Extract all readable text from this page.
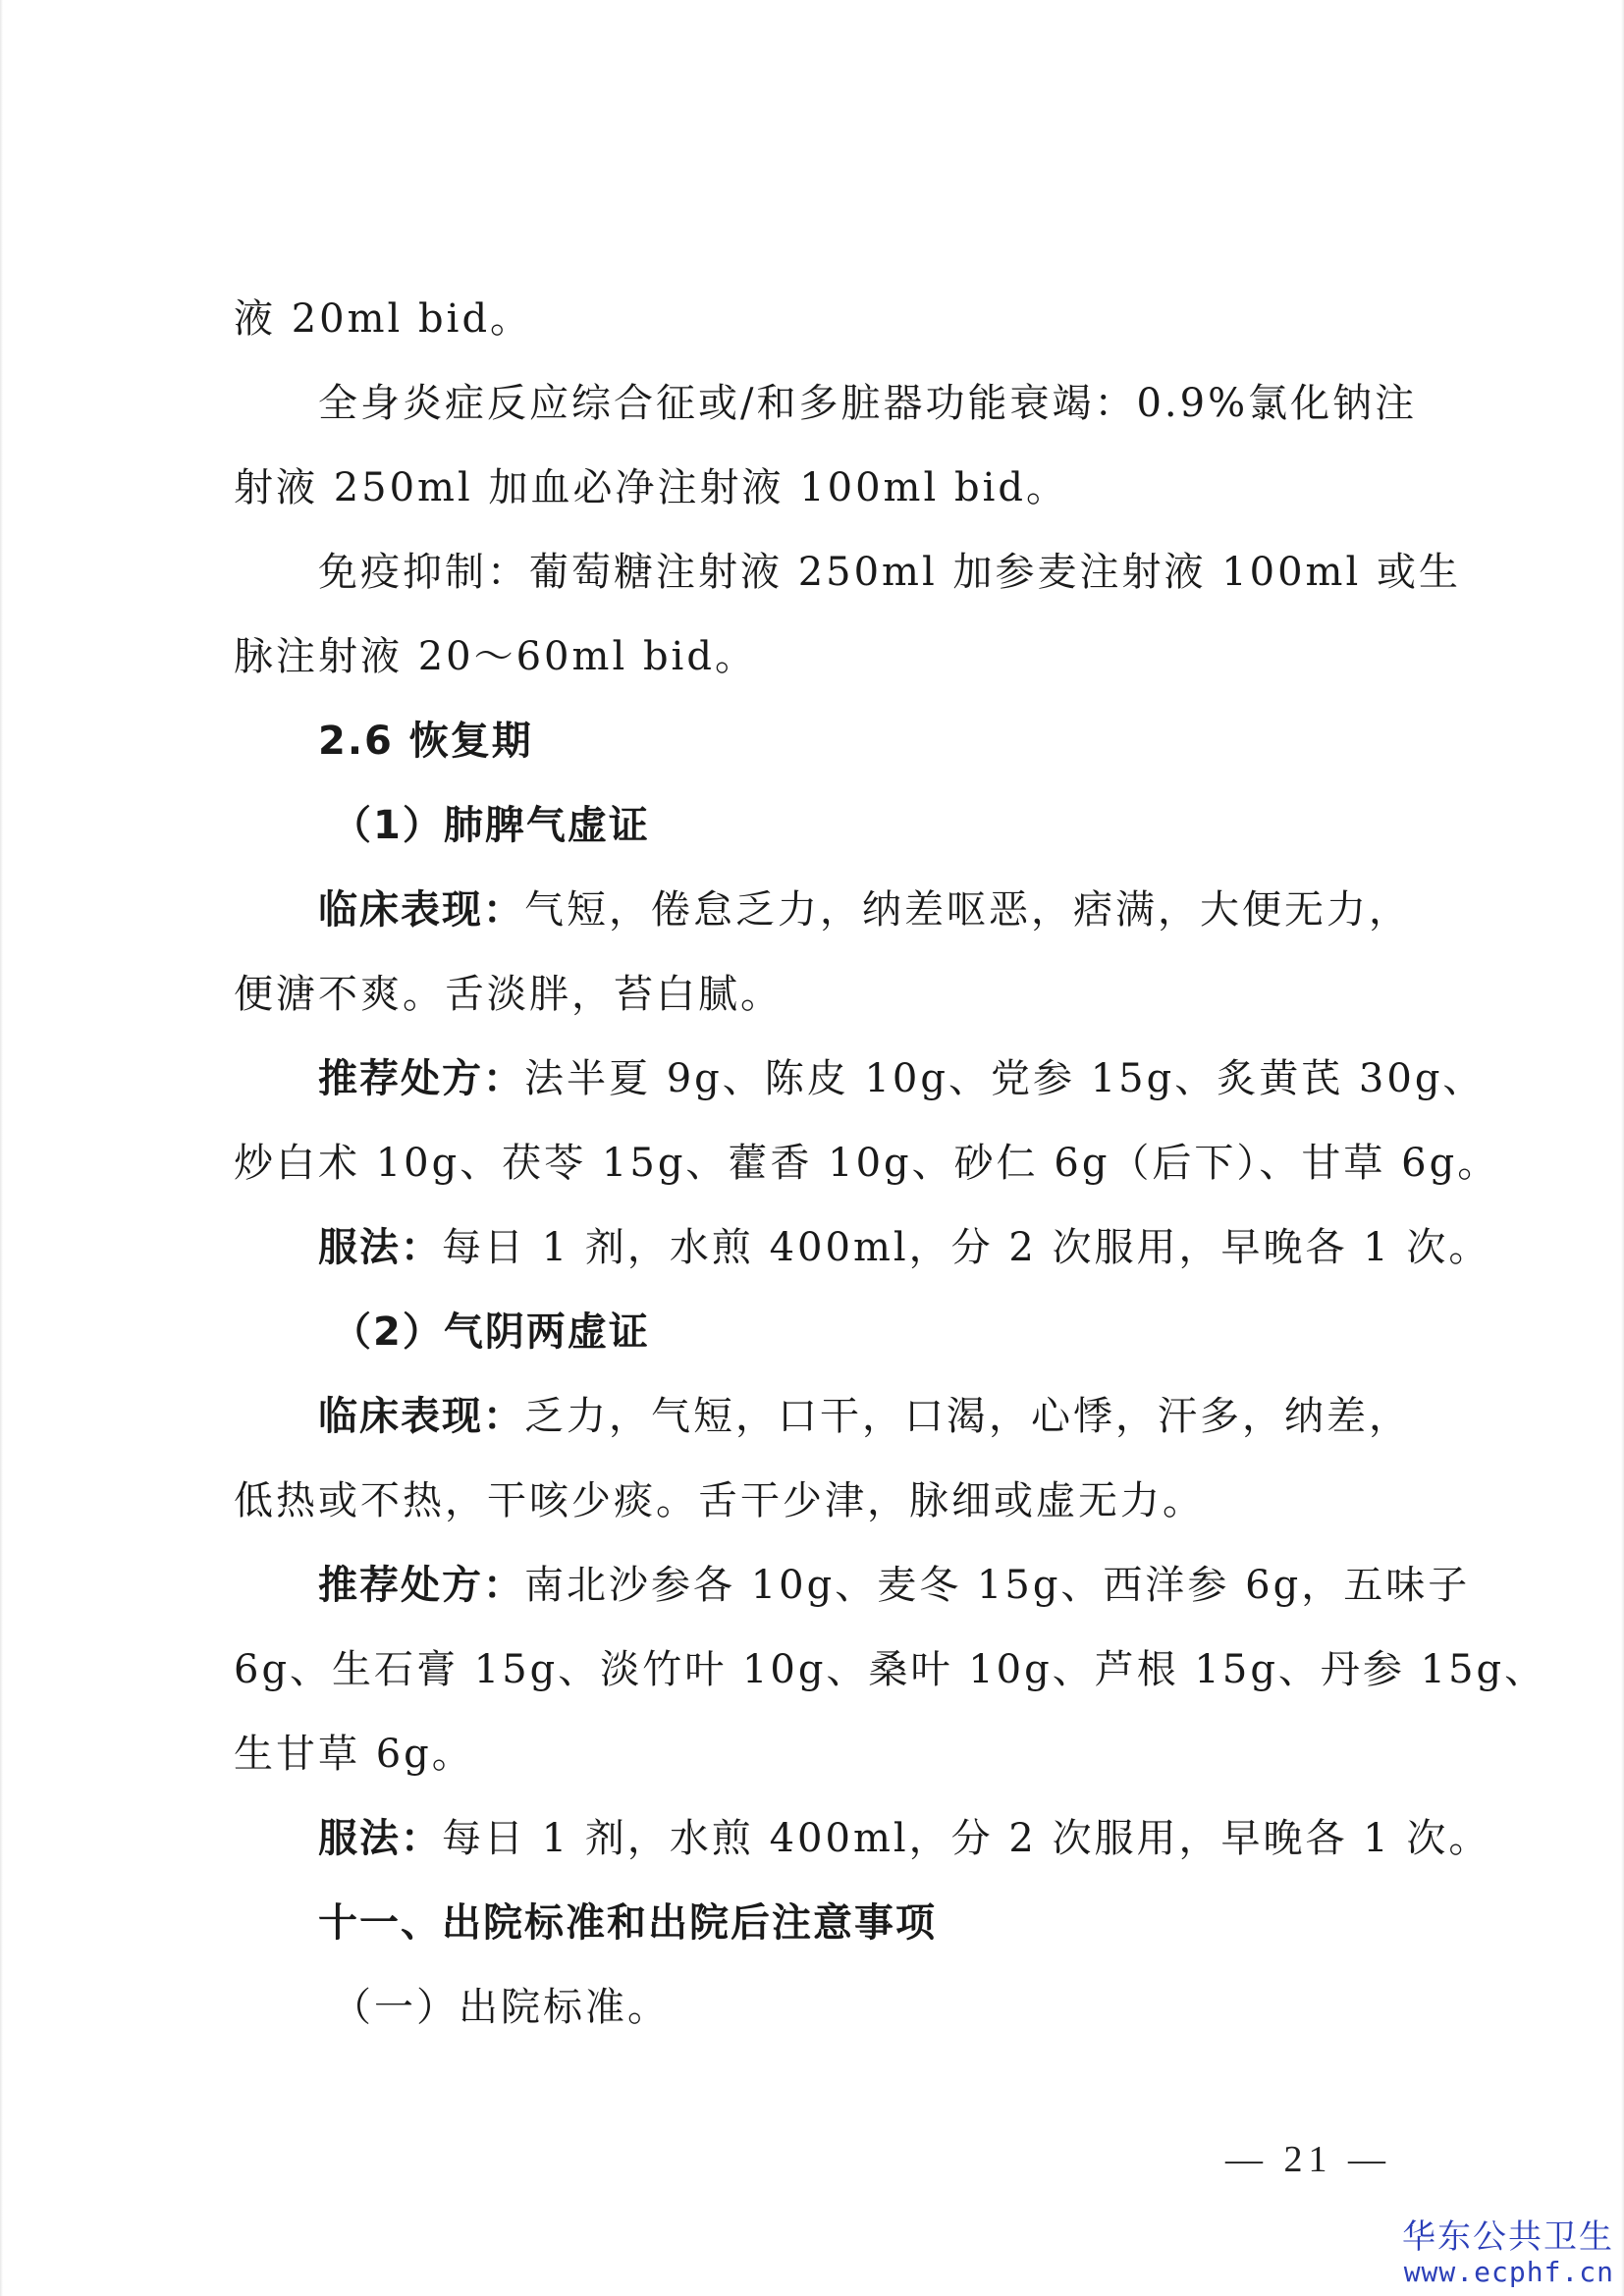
液 20ml bid。
全身炎症反应综合征或/和多脏器功能衰竭：0.9%氯化钠注
射液 250ml 加血必净注射液 100ml bid。
免疫抑制：葡萄糖注射液 250ml 加参麦注射液 100ml 或生
脉注射液 20～60ml bid。
2.6 恢复期
（1）肺脾气虚证
临床表现：气短，倦怠乏力，纳差呕恶，痞满，大便无力，
便溏不爽。舌淡胖，苔白腻。
推荐处方：法半夏 9g、陈皮 10g、党参 15g、炙黄芪 30g、
炒白术 10g、茯苓 15g、藿香 10g、砂仁 6g（后下）、甘草 6g。
服法：每日 1 剂，水煎 400ml，分 2 次服用，早晚各 1 次。
（2）气阴两虚证
临床表现：乏力，气短，口干，口渴，心悸，汗多，纳差，
低热或不热，干咳少痰。舌干少津，脉细或虚无力。
推荐处方：南北沙参各 10g、麦冬 15g、西洋参 6g，五味子
6g、生石膏 15g、淡竹叶 10g、桑叶 10g、芦根 15g、丹参 15g、
生甘草 6g。
服法：每日 1 剂，水煎 400ml，分 2 次服用，早晚各 1 次。
十一、出院标准和出院后注意事项
（一）出院标准。
— 21 —
华东公共卫生
www.ecphf.cn
